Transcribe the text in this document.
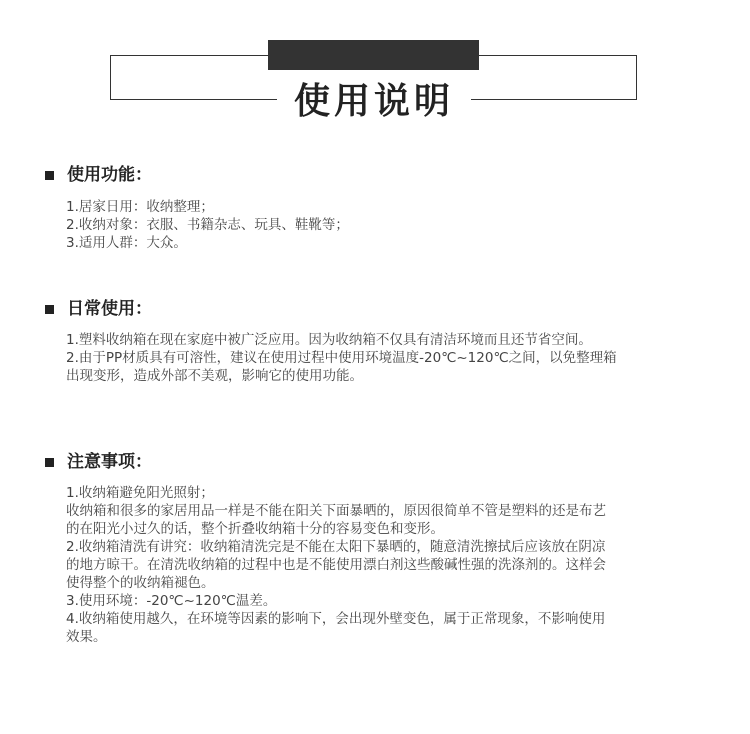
使用说明
使用功能：

1.居家日用：收纳整理；

2.收纳对象：衣服、书籍杂志、玩具、鞋靴等；

3.适用人群：大众。

日常使用：

1.塑料收纳箱在现在家庭中被广泛应用。因为收纳箱不仅具有清洁环境而且还节省空间。

2.由于PP材质具有可溶性，建议在使用过程中使用环境温度-20℃~120℃之间，以免整理箱

出现变形，造成外部不美观，影响它的使用功能。

注意事项：

1.收纳箱避免阳光照射；

收纳箱和很多的家居用品一样是不能在阳关下面暴晒的，原因很简单不管是塑料的还是布艺

的在阳光小过久的话，整个折叠收纳箱十分的容易变色和变形。

2.收纳箱清洗有讲究：收纳箱清洗完是不能在太阳下暴晒的，随意清洗擦拭后应该放在阴凉

的地方晾干。在清洗收纳箱的过程中也是不能使用漂白剂这些酸碱性强的洗涤剂的。这样会

使得整个的收纳箱褪色。

3.使用环境：-20℃~120℃温差。

4.收纳箱使用越久，在环境等因素的影响下，会出现外壁变色，属于正常现象，不影响使用

效果。
